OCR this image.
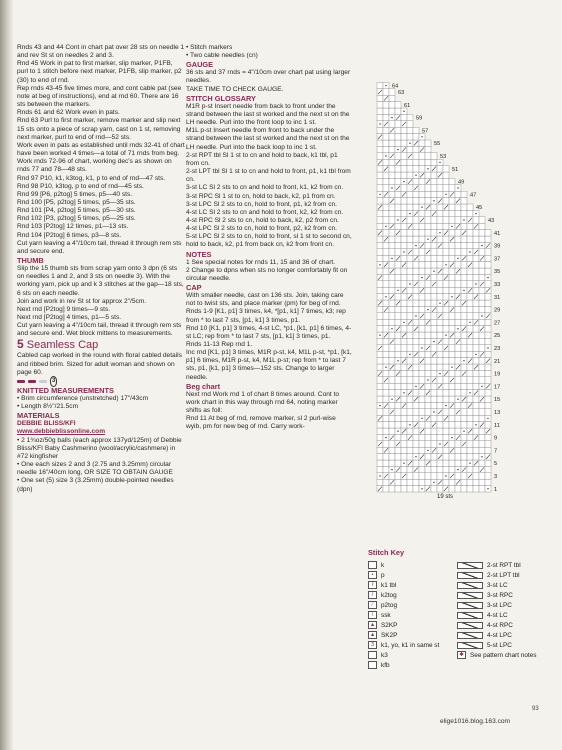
Rnds 43 and 44 Cont in chart pat over 28 sts on needle 1 and rev St st on needles 2 and 3.

Rnd 45 Work in pat to first marker, slip marker, P1FB, purl to 1 stitch before next marker, P1FB, slip marker, p2 (30) to end of rnd.

Rep rnds 43-45 five times more, and cont cable pat (see note at beg of instructions), end at rnd 60. There are 16 sts between the markers.

Rnds 61 and 62 Work even in pats.

Rnd 63 Purl to first marker, remove marker and slip next 15 sts onto a piece of scrap yarn, cast on 1 st, removing next marker, purl to end of rnd—52 sts.

Work even in pats as established until rnds 32-41 of chart have been worked 4 times—a total of 71 rnds from beg.

Work rnds 72-96 of chart, working dec's as shown on rnds 77 and 78—48 sts.

Rnd 97 P10, k1, k3tog, k1, p to end of rnd—47 sts.

Rnd 98 P10, k3tog, p to end of rnd—45 sts.

Rnd 99 [P6, p2tog] 5 times, p5—40 sts.

Rnd 100 [P5, p2tog] 5 times, p5—35 sts.

Rnd 101 [P4, p2tog] 5 times, p5—30 sts.

Rnd 102 [P3, p2tog] 5 times, p5—25 sts.

Rnd 103 [P2tog] 12 times, p1—13 sts.

Rnd 104 [P2tog] 6 times, p3—8 sts.

Cut yarn leaving a 4"/10cm tail, thread it through rem sts and secure end.

THUMB

Slip the 15 thumb sts from scrap yarn onto 3 dpn (6 sts on needles 1 and 2, and 3 sts on needle 3). With the working yarn, pick up and k 3 stitches at the gap—18 sts, 6 sts on each needle.

Join and work in rev St st for approx 2"/5cm.

Next rnd [P2tog] 9 times—9 sts.

Next rnd [P2tog] 4 times, p1—5 sts.

Cut yarn leaving a 4"/10cm tail, thread it through rem sts and secure end. Wet block mittens to measurements.

5 Seamless Cap

Cabled cap worked in the round with floral cabled details and ribbed brim. Sized for adult woman and shown on page 60.

3

KNITTED MEASUREMENTS

• Brim circumference (unstretched) 17"/43cm

• Length 8½"/21.5cm

MATERIALS

DEBBIE BLISS/KFI

www.debbieblissonline.com

• 2 1¾oz/50g balls (each approx 137yd/125m) of Debbie Bliss/KFI Baby Cashmerino (wool/acrylic/cashmere) in #72 kingfisher

• One each sizes 2 and 3 (2.75 and 3.25mm) circular needle 16"/40cm long, OR SIZE TO OBTAIN GAUGE

• One set (5) size 3 (3.25mm) double-pointed needles (dpn)

• Stitch markers

• Two cable needles (cn)

GAUGE

36 sts and 37 rnds = 4"/10cm over chart pat using larger needles.

TAKE TIME TO CHECK GAUGE.

STITCH GLOSSARY

M1R p-st Insert needle from back to front under the strand between the last st worked and the next st on the LH needle. Purl into the front loop to inc 1 st.

M1L p-st Insert needle from front to back under the strand between the last st worked and the next st on the LH needle. Purl into the back loop to inc 1 st.

2-st RPT tbl Sl 1 st to cn and hold to back, k1 tbl, p1 from cn.

2-st LPT tbl Sl 1 st to cn and hold to front, p1, k1 tbl from cn.

3-st LC Sl 2 sts to cn and hold to front, k1, k2 from cn.

3-st RPC Sl 1 st to cn, hold to back, k2, p1 from cn.

3-st LPC Sl 2 sts to cn, hold to front, p1, k2 from cn.

4-st LC Sl 2 sts to cn and hold to front, k2, k2 from cn.

4-st RPC Sl 2 sts to cn, hold to back, k2, p2 from cn.

4-st LPC Sl 2 sts to cn, hold to front, p2, k2 from cn.

5-st LPC Sl 2 sts to cn, hold to front, sl 1 st to second cn, hold to back, k2, p1 from back cn, k2 from front cn.

NOTES

1 See special notes for rnds 11, 15 and 36 of chart.

2 Change to dpns when sts no longer comfortably fit on circular needle.

CAP

With smaller needle, cast on 136 sts. Join, taking care not to twist sts, and place marker (pm) for beg of rnd.

Rnds 1-9 [K1, p1] 3 times, k4, *[p1, k1] 7 times, k3; rep from * to last 7 sts, [p1, k1] 3 times, p1.

Rnd 10 [K1, p1] 3 times, 4-st LC, *p1, [k1, p1] 6 times, 4-st LC; rep from * to last 7 sts, [p1, k1] 3 times, p1.

Rnds 11-13 Rep rnd 1.

Inc rnd [K1, p1] 3 times, M1R p-st, k4, M1L p-st, *p1, [k1, p1] 6 times, M1R p-st, k4, M1L p-st; rep from * to last 7 sts, p1, [k1, p1] 3 times—152 sts. Change to larger needle.

Beg chart

Next rnd Work rnd 1 of chart 8 times around. Cont to work chart in this way through rnd 64, noting marker shifts as foll:

Rnd 11 At beg of rnd, remove marker, sl 2 purl-wise wyib, pm for new beg of rnd. Carry work-

64
63
61
59
57
55
53
51
49
47
45
43
41
39
37
35
33
31
29
27
25
23
21
19
17
15
13
11
9
7
5
3
1
19 sts
Stitch Key
k	2-st RPT tbl
•	p	2-st LPT tbl
ℓ	k1 tbl	3-st LC
/	k2tog	3-st RPC
∕	p2tog	3-st LPC
\	ssk	4-st LC
▲ S2KP	4-st RPC
▲ SK2P	4-st LPC
3	k1, yo, k1 in same st	5-st LPC
k3	✱ See pattern chart notes
kfb
93
elige1016.blog.163.com
